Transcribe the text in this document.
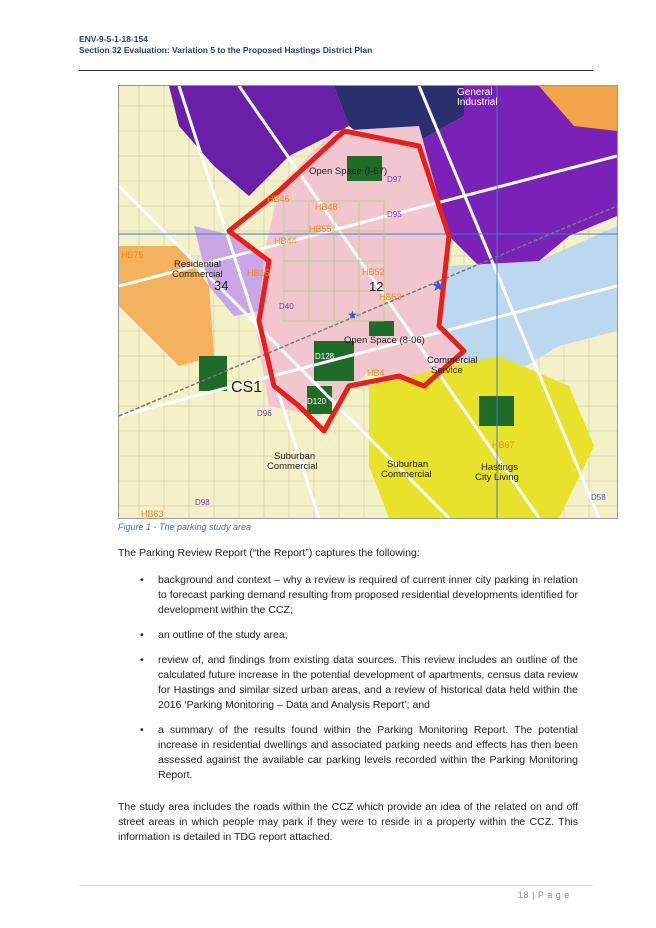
ENV-9-5-1-18-154
Section 32 Evaluation: Variation 5 to the Proposed Hastings District Plan
★
★
General
Industrial
Open Space (I-67)
Open Space (8-06)
Residential
Commercial
Commercial
Service
Suburban
Commercial	Suburban
Commercial
Hastings
City Living
CS1
34	12
HB46
HB48
HB55
HB44
HB75
HB52
HB53
HB4
HB67
HB63
HB15
D128
D120
D96
D98
D58
D95
D97
D40
Figure 1 - The parking study area
The Parking Review Report (“the Report”) captures the following:
• background and context – why a review is required of current inner city parking in relation to forecast parking demand resulting from proposed residential developments identified for development within the CCZ;
• an outline of the study area;
• review of, and findings from existing data sources. This review includes an outline of the calculated future increase in the potential development of apartments, census data review for Hastings and similar sized urban areas, and a review of historical data held within the 2016 ‘Parking Monitoring – Data and Analysis Report’; and
• a summary of the results found within the Parking Monitoring Report. The potential increase in residential dwellings and associated parking needs and effects has then been assessed against the available car parking levels recorded within the Parking Monitoring Report.
The study area includes the roads within the CCZ which provide an idea of the related on and off street areas in which people may park if they were to reside in a property within the CCZ. This information is detailed in TDG report attached.
18 | P a g e
